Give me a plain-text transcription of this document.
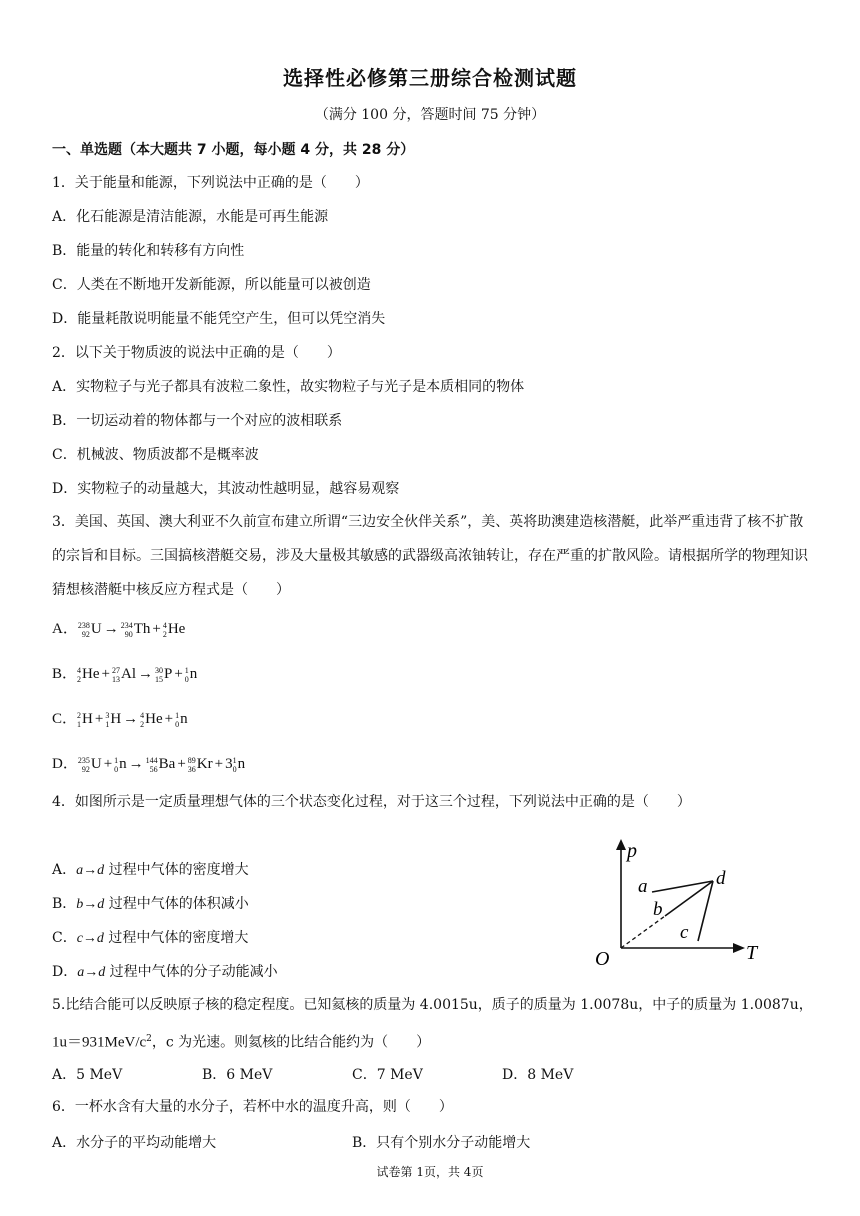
选择性必修第三册综合检测试题
（满分 100 分，答题时间 75 分钟）
一、单选题（本大题共 7 小题，每小题 4 分，共 28 分）
1．关于能量和能源，下列说法中正确的是（　　）
A．化石能源是清洁能源，水能是可再生能源
B．能量的转化和转移有方向性
C．人类在不断地开发新能源，所以能量可以被创造
D．能量耗散说明能量不能凭空产生，但可以凭空消失
2．以下关于物质波的说法中正确的是（　　）
A．实物粒子与光子都具有波粒二象性，故实物粒子与光子是本质相同的物体
B．一切运动着的物体都与一个对应的波相联系
C．机械波、物质波都不是概率波
D．实物粒子的动量越大，其波动性越明显，越容易观察
3．美国、英国、澳大利亚不久前宣布建立所谓“三边安全伙伴关系”，美、英将助澳建造核潜艇，此举严重违背了核不扩散的宗旨和目标。三国搞核潜艇交易，涉及大量极其敏感的武器级高浓铀转让，存在严重的扩散风险。请根据所学的物理知识猜想核潜艇中核反应方程式是（　　）
A．238
92U → 234
90Th + 4
2He
B．4
2He + 27
13Al → 30
15P + 1
0n
C．2
1H + 3
1H → 4
2He + 1
0n
D．235
92U + 1
0n → 144
56Ba + 89
36Kr + 31
0n
4．如图所示是一定质量理想气体的三个状态变化过程，对于这三个过程，下列说法中正确的是（　　）
A．a→d 过程中气体的密度增大
B．b→d 过程中气体的体积减小
C．c→d 过程中气体的密度增大
D．a→d 过程中气体的分子动能减小
p
T
O
a
b
c
d
5.比结合能可以反映原子核的稳定程度。已知氦核的质量为 4.0015u，质子的质量为 1.0078u，中子的质量为 1.0087u，
$1u=931MeV/c^2$，c 为光速。则氦核的比结合能约为（　　）
A．5 MeV	B．6 MeV	C．7 MeV	D．8 MeV
6．一杯水含有大量的水分子，若杯中水的温度升高，则（　　）
A．水分子的平均动能增大	B．只有个别水分子动能增大
试卷第 1页，共 4页
